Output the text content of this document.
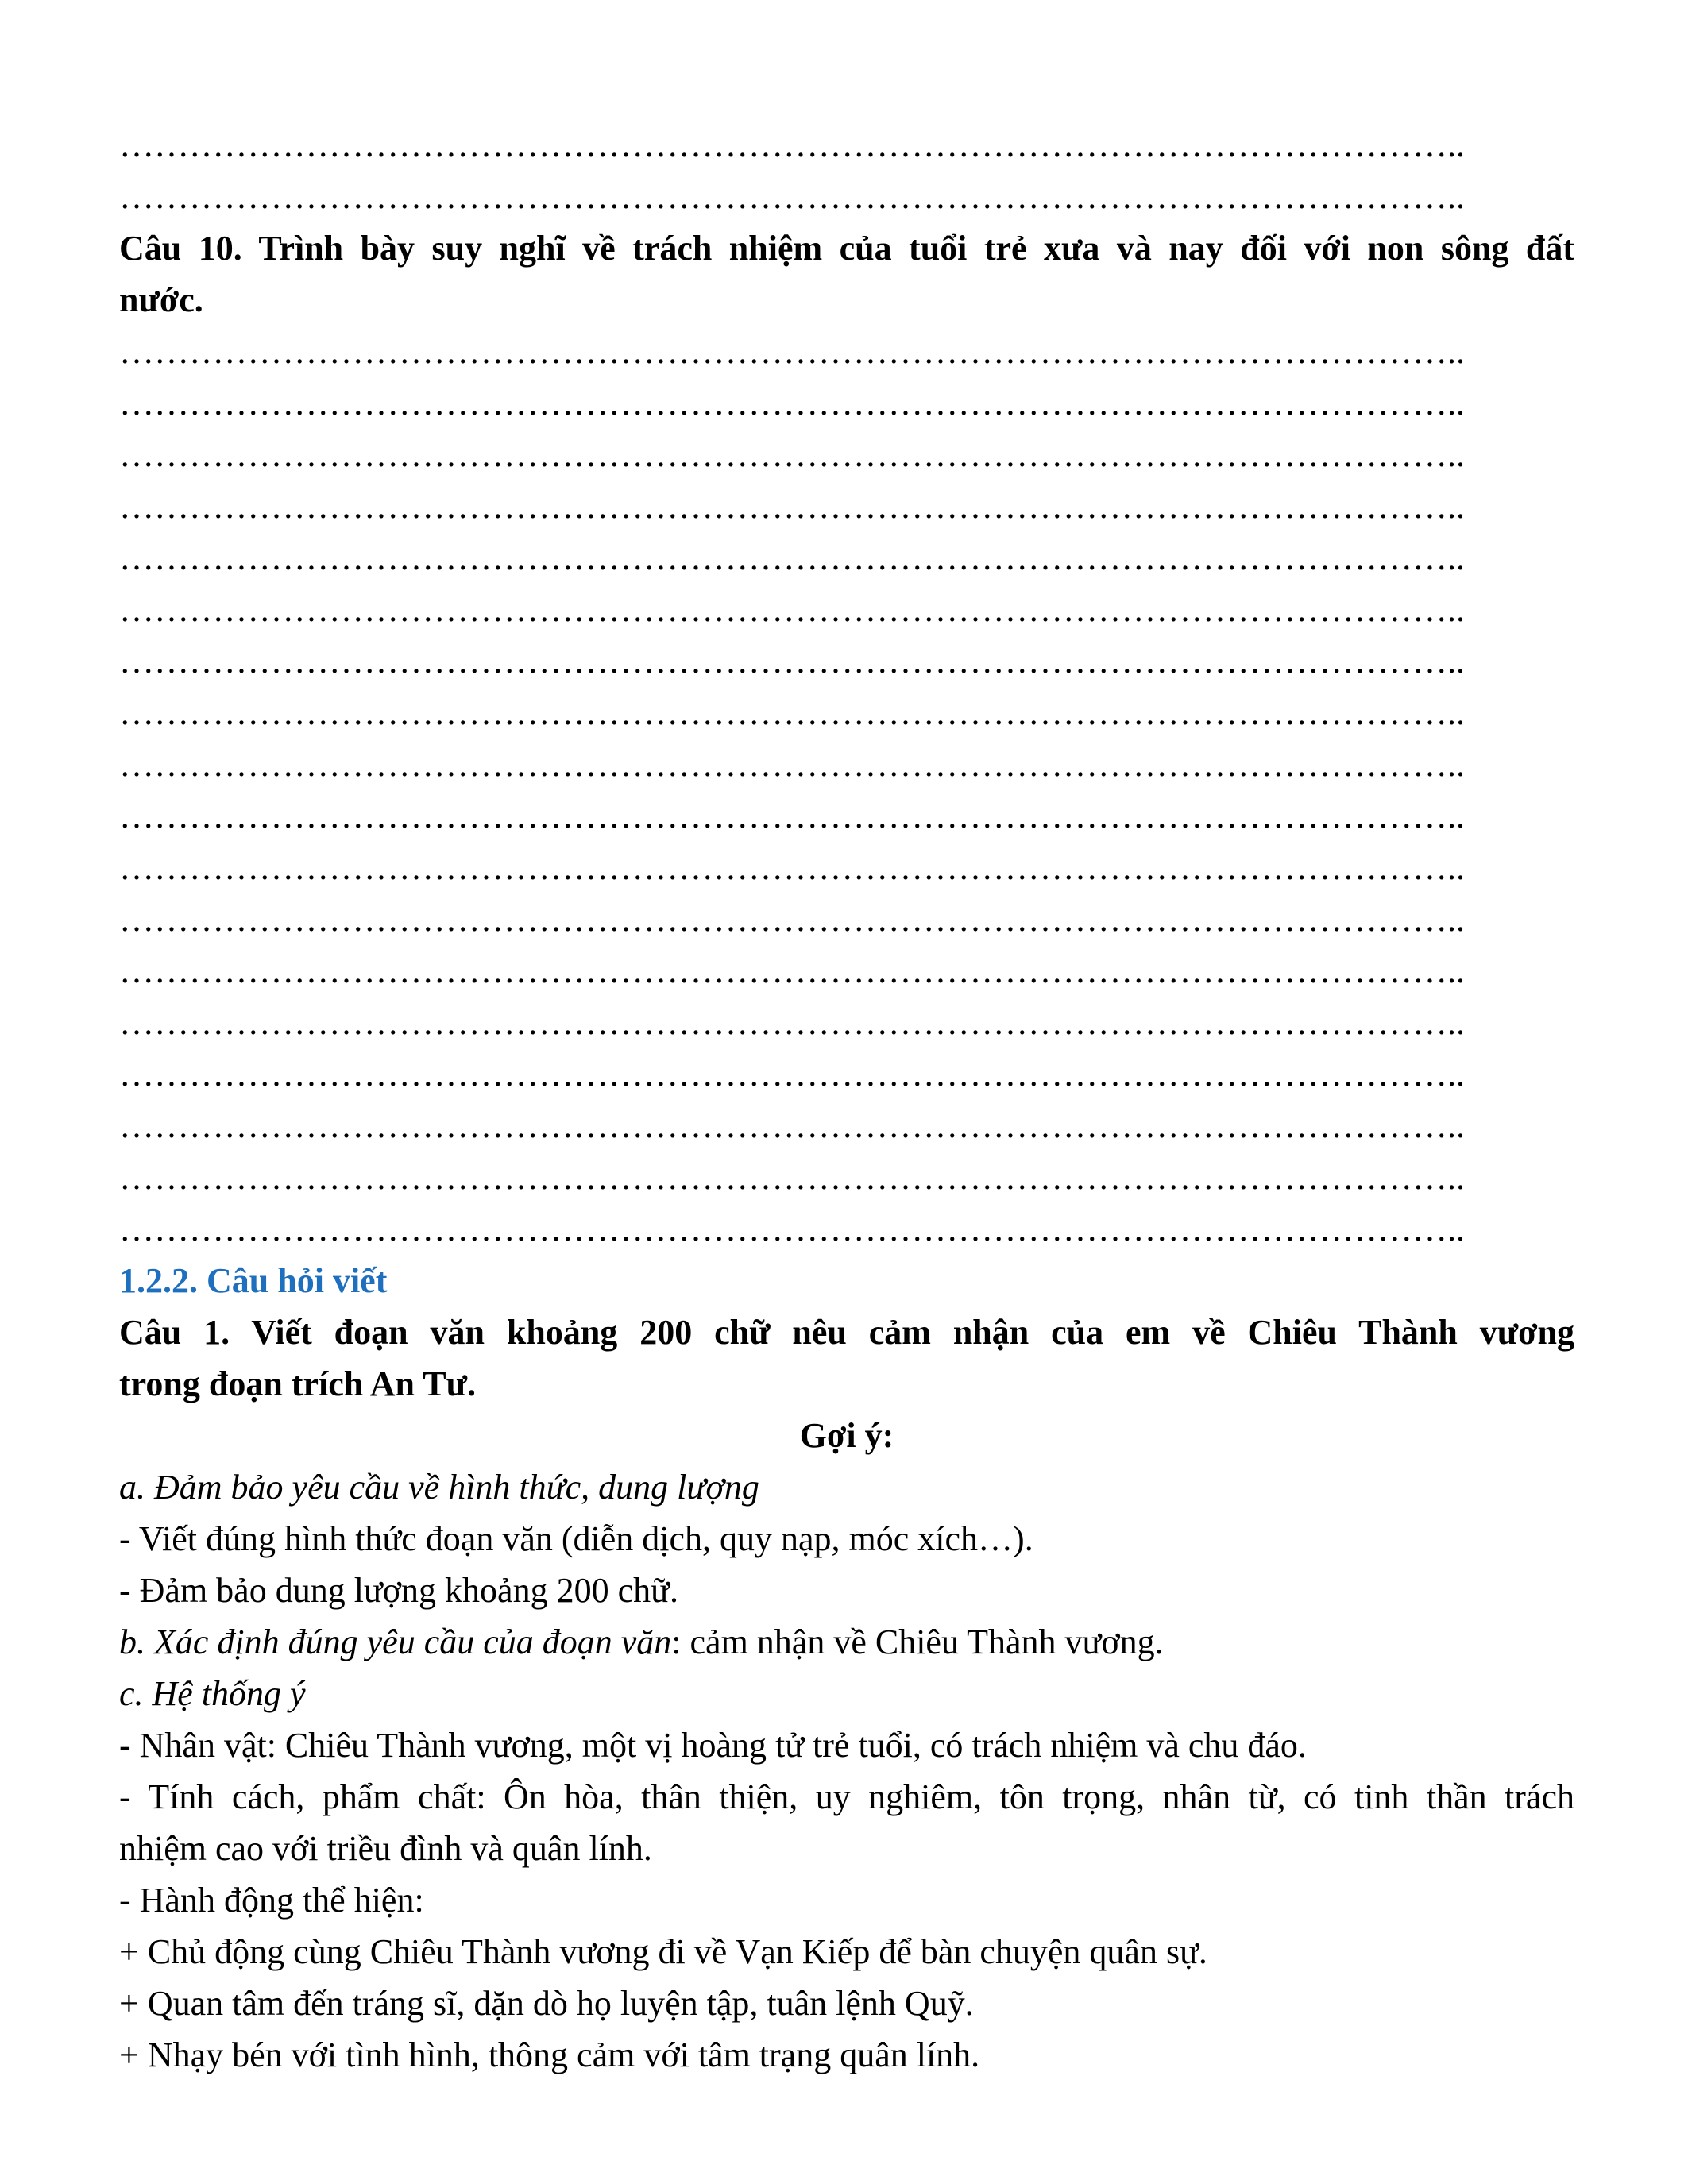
……………………………………………………………………………………………………..
……………………………………………………………………………………………………..
Câu 10. Trình bày suy nghĩ về trách nhiệm của tuổi trẻ xưa và nay đối với non sông đất
nước.
……………………………………………………………………………………………………..
……………………………………………………………………………………………………..
……………………………………………………………………………………………………..
……………………………………………………………………………………………………..
……………………………………………………………………………………………………..
……………………………………………………………………………………………………..
……………………………………………………………………………………………………..
……………………………………………………………………………………………………..
……………………………………………………………………………………………………..
……………………………………………………………………………………………………..
……………………………………………………………………………………………………..
……………………………………………………………………………………………………..
……………………………………………………………………………………………………..
……………………………………………………………………………………………………..
……………………………………………………………………………………………………..
……………………………………………………………………………………………………..
……………………………………………………………………………………………………..
……………………………………………………………………………………………………..
1.2.2. Câu hỏi viết
Câu 1. Viết đoạn văn khoảng 200 chữ nêu cảm nhận của em về Chiêu Thành vương
trong đoạn trích An Tư.
Gợi ý:
a. Đảm bảo yêu cầu về hình thức, dung lượng
- Viết đúng hình thức đoạn văn (diễn dịch, quy nạp, móc xích…).
- Đảm bảo dung lượng khoảng 200 chữ.
b. Xác định đúng yêu cầu của đoạn văn: cảm nhận về Chiêu Thành vương.
c. Hệ thống ý
- Nhân vật: Chiêu Thành vương, một vị hoàng tử trẻ tuổi, có trách nhiệm và chu đáo.
- Tính cách, phẩm chất: Ôn hòa, thân thiện, uy nghiêm, tôn trọng, nhân từ, có tinh thần trách
nhiệm cao với triều đình và quân lính.
- Hành động thể hiện:
+ Chủ động cùng Chiêu Thành vương đi về Vạn Kiếp để bàn chuyện quân sự.
+ Quan tâm đến tráng sĩ, dặn dò họ luyện tập, tuân lệnh Quỹ.
+ Nhạy bén với tình hình, thông cảm với tâm trạng quân lính.
